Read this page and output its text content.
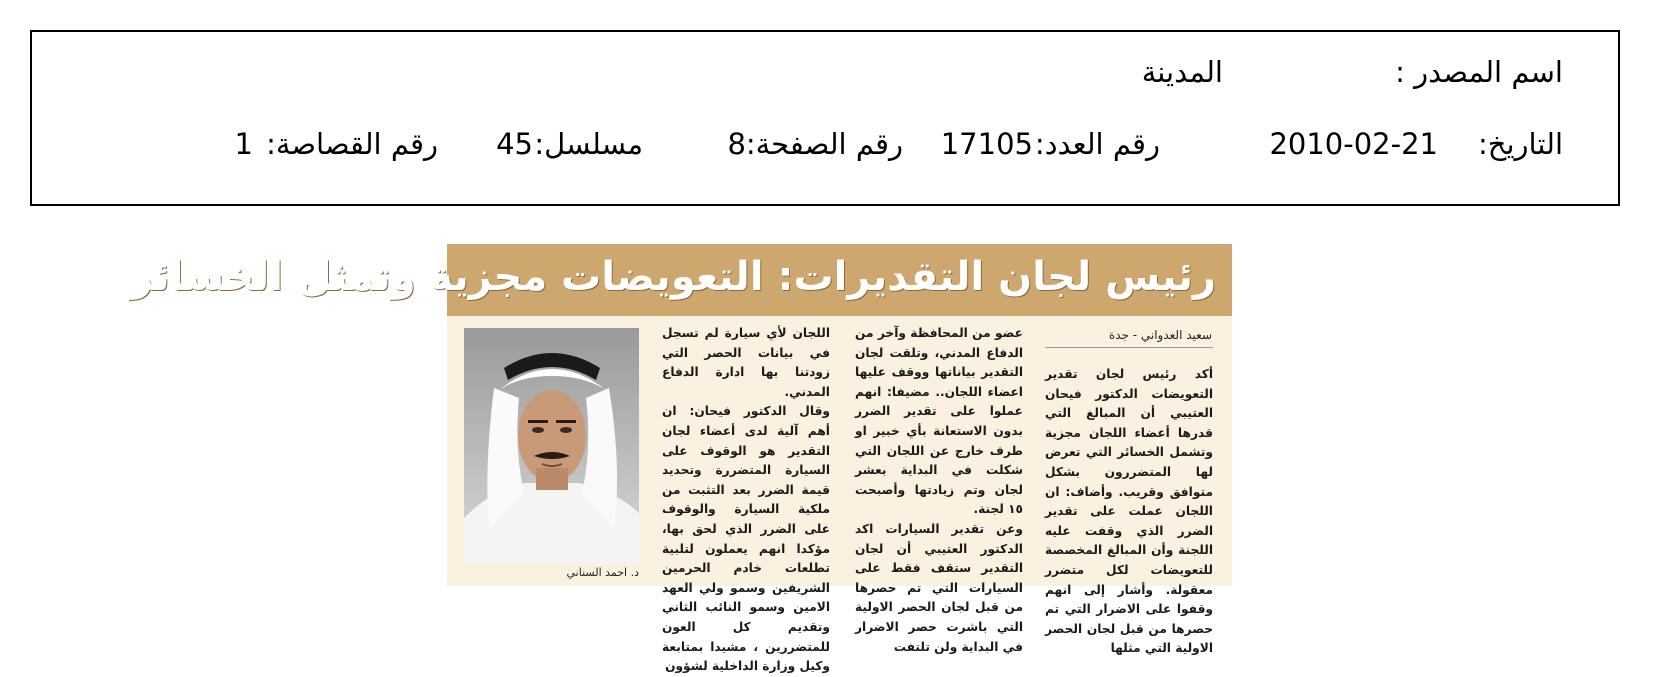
اسم المصدر :
المدينة
التاريخ:
2010-02-21
رقم العدد:
17105
رقم الصفحة:
8
مسلسل:
45
رقم القصاصة:
1
رئيس لجان التقديرات: التعويضات مجزية وتمثل الخسائر
سعيد العدواني - جدة

أكد رئيس لجان تقدير التعويضات الدكتور فيحان العتيبي أن المبالغ التي قدرها أعضاء اللجان مجزية وتشمل الخسائر التي تعرض لها المتضررون بشكل متوافق وقريب. وأضاف: ان اللجان عملت على تقدير الضرر الذي وقفت عليه اللجنة وأن المبالغ المخصصة للتعويضات لكل متضرر معقولة. وأشار إلى انهم وقفوا على الاضرار التي تم حصرها من قبل لجان الحصر الاولية التي مثلها

عضو من المحافظة وآخر من الدفاع المدني، وتلقت لجان التقدير بياناتها ووقف عليها اعضاء اللجان.. مضيفا: انهم عملوا على تقدير الضرر بدون الاستعانة بأي خبير او طرف خارج عن اللجان التي شكلت في البداية بعشر لجان وتم زيادتها وأصبحت ١٥ لجنة.

وعن تقدير السيارات اكد الدكتور العتيبي أن لجان التقدير ستقف فقط على السيارات التي تم حصرها من قبل لجان الحصر الاولية التي باشرت حصر الاضرار في البداية ولن تلتفت

اللجان لأي سيارة لم تسجل في بيانات الحصر التي زودتنا بها ادارة الدفاع المدني.

وقال الدكتور فيحان: ان أهم آلية لدى أعضاء لجان التقدير هو الوقوف على السيارة المتضررة وتحديد قيمة الضرر بعد التثبت من ملكية السيارة والوقوف على الضرر الذي لحق بها، مؤكدا انهم يعملون لتلبية تطلعات خادم الحرمين الشريفين وسمو ولي العهد الامين وسمو النائب الثاني وتقديم كل العون للمتضررين ، مشيدا بمتابعة وكيل وزارة الداخلية لشؤون

د. احمد السناني
